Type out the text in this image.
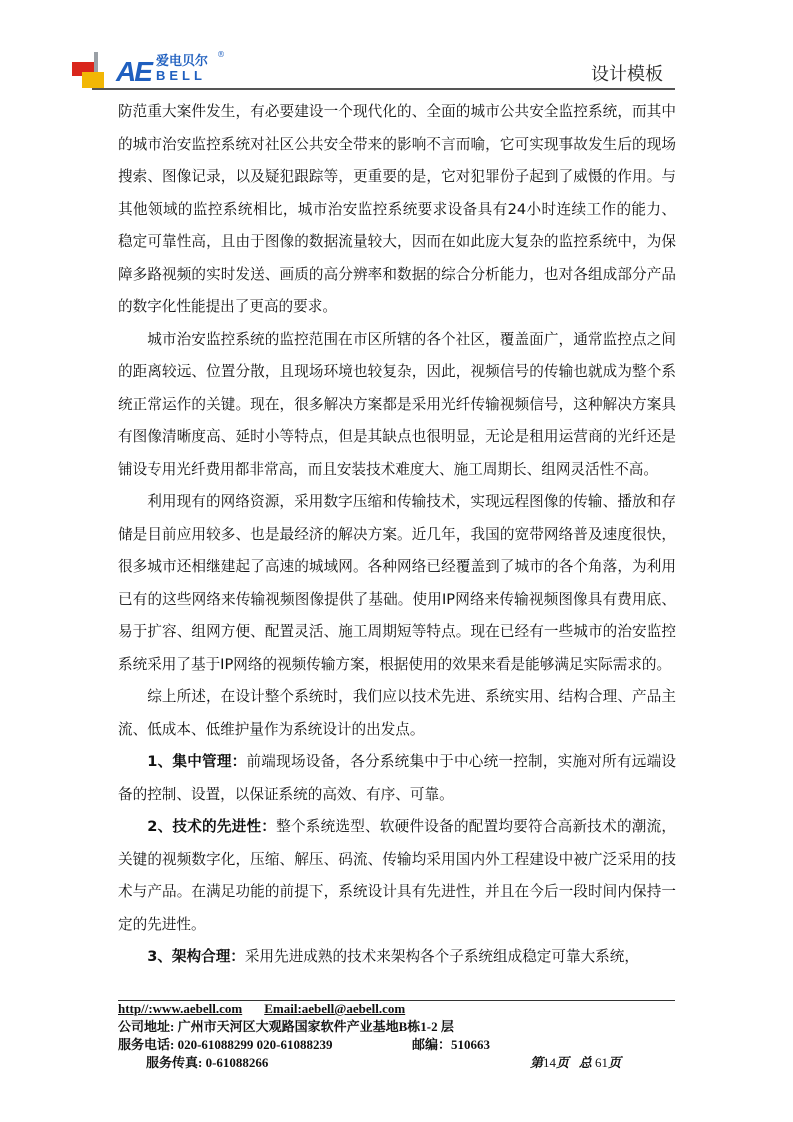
AE 爱电贝尔
BELL
®
设计模板

防范重大案件发生，有必要建设一个现代化的、全面的城市公共安全监控系统，而其中的城市治安监控系统对社区公共安全带来的影响不言而喻，它可实现事故发生后的现场搜索、图像记录，以及疑犯跟踪等，更重要的是，它对犯罪份子起到了威慑的作用。与其他领域的监控系统相比，城市治安监控系统要求设备具有24小时连续工作的能力、稳定可靠性高，且由于图像的数据流量较大，因而在如此庞大复杂的监控系统中，为保障多路视频的实时发送、画质的高分辨率和数据的综合分析能力，也对各组成部分产品的数字化性能提出了更高的要求。

城市治安监控系统的监控范围在市区所辖的各个社区，覆盖面广，通常监控点之间的距离较远、位置分散，且现场环境也较复杂，因此，视频信号的传输也就成为整个系统正常运作的关键。现在，很多解决方案都是采用光纤传输视频信号，这种解决方案具有图像清晰度高、延时小等特点，但是其缺点也很明显，无论是租用运营商的光纤还是铺设专用光纤费用都非常高，而且安装技术难度大、施工周期长、组网灵活性不高。

利用现有的网络资源，采用数字压缩和传输技术，实现远程图像的传输、播放和存储是目前应用较多、也是最经济的解决方案。近几年，我国的宽带网络普及速度很快，很多城市还相继建起了高速的城域网。各种网络已经覆盖到了城市的各个角落，为利用已有的这些网络来传输视频图像提供了基础。使用IP网络来传输视频图像具有费用底、易于扩容、组网方便、配置灵活、施工周期短等特点。现在已经有一些城市的治安监控系统采用了基于IP网络的视频传输方案，根据使用的效果来看是能够满足实际需求的。

综上所述，在设计整个系统时，我们应以技术先进、系统实用、结构合理、产品主流、低成本、低维护量作为系统设计的出发点。

1、集中管理：前端现场设备，各分系统集中于中心统一控制，实施对所有远端设备的控制、设置，以保证系统的高效、有序、可靠。

2、技术的先进性：整个系统选型、软硬件设备的配置均要符合高新技术的潮流，关键的视频数字化，压缩、解压、码流、传输均采用国内外工程建设中被广泛采用的技术与产品。在满足功能的前提下，系统设计具有先进性，并且在今后一段时间内保持一定的先进性。

3、架构合理：采用先进成熟的技术来架构各个子系统组成稳定可靠大系统，

http//:www.aebell.com Email:aebell@aebell.com
公司地址: 广州市天河区大观路国家软件产业基地B栋1-2 层
服务电话: 020-61088299 020-61088239	邮编：510663
服务传真: 0-61088266	第14页 总 61页
